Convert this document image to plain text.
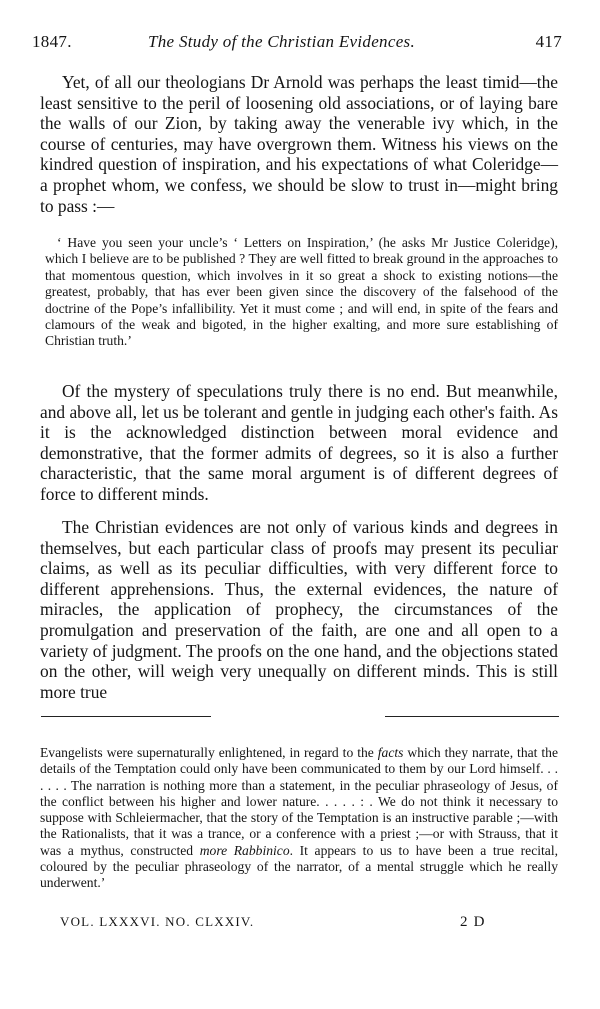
1847.	The Study of the Christian Evidences.	417

Yet, of all our theologians Dr Arnold was perhaps the least timid—the least sensitive to the peril of loosening old associations, or of laying bare the walls of our Zion, by taking away the venerable ivy which, in the course of centuries, may have overgrown them. Witness his views on the kindred question of inspiration, and his expectations of what Coleridge—a prophet whom, we confess, we should be slow to trust in—might bring to pass :—

‘ Have you seen your uncle’s ‘ Letters on Inspiration,’ (he asks Mr Justice Coleridge), which I believe are to be published ? They are well fitted to break ground in the approaches to that momentous question, which involves in it so great a shock to existing notions—the greatest, probably, that has ever been given since the discovery of the falsehood of the doctrine of the Pope’s infallibility. Yet it must come ; and will end, in spite of the fears and clamours of the weak and bigoted, in the higher exalting, and more sure establishing of Christian truth.’

Of the mystery of speculations truly there is no end. But meanwhile, and above all, let us be tolerant and gentle in judging each other's faith. As it is the acknowledged distinction between moral evidence and demonstrative, that the former admits of degrees, so it is also a further characteristic, that the same moral argument is of different degrees of force to different minds.

The Christian evidences are not only of various kinds and degrees in themselves, but each particular class of proofs may present its peculiar claims, as well as its peculiar difficulties, with very different force to different apprehensions. Thus, the external evidences, the nature of miracles, the application of prophecy, the circumstances of the promulgation and preservation of the faith, are one and all open to a variety of judgment. The proofs on the one hand, and the objections stated on the other, will weigh very unequally on different minds. This is still more true

Evangelists were supernaturally enlightened, in regard to the facts which they narrate, that the details of the Temptation could only have been communicated to them by our Lord himself. . . . . . . The narration is nothing more than a statement, in the peculiar phraseology of Jesus, of the conflict between his higher and lower nature. . . . . : . We do not think it necessary to suppose with Schleiermacher, that the story of the Temptation is an instructive parable ;—with the Rationalists, that it was a trance, or a conference with a priest ;—or with Strauss, that it was a mythus, constructed more Rabbinico. It appears to us to have been a true recital, coloured by the peculiar phraseology of the narrator, of a mental struggle which he really underwent.’

VOL. LXXXVI. NO. CLXXIV.	2 D
